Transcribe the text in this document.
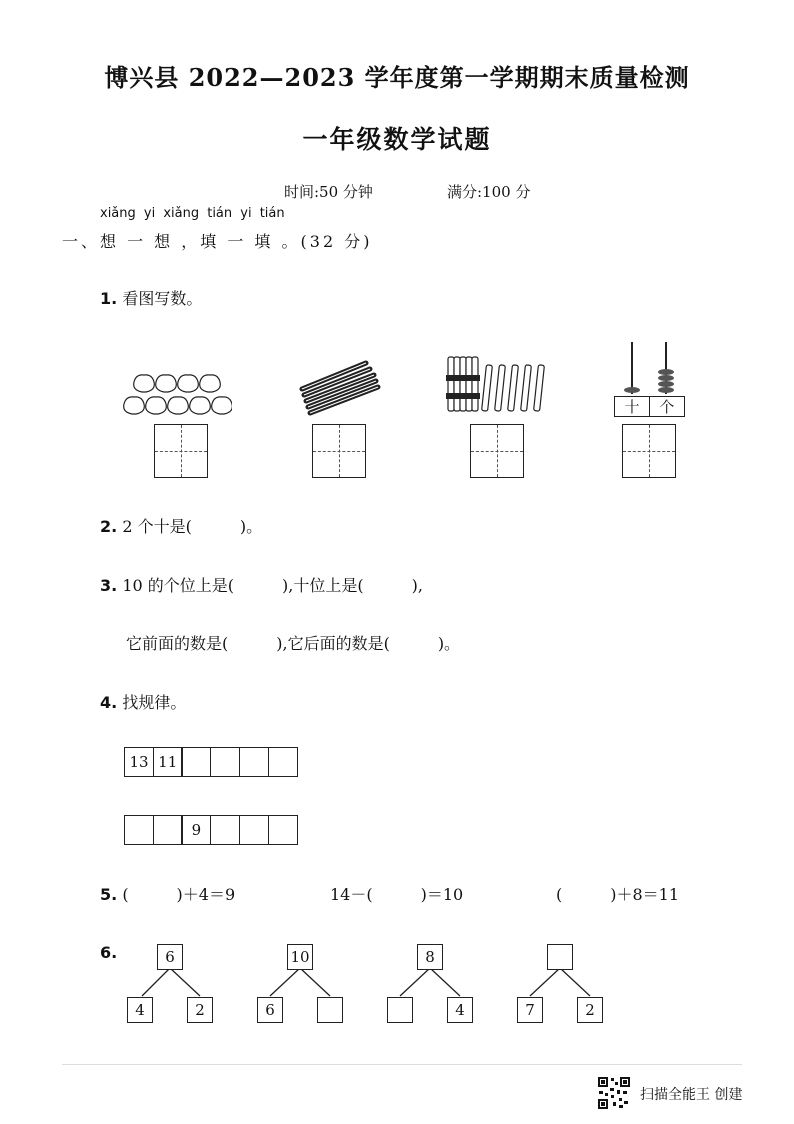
博兴县 2022—2023 学年度第一学期期末质量检测
一年级数学试题
时间:50 分钟	满分:100 分
xiǎng yi xiǎng tián yi tián
一、想 一 想 ，填 一 填 。(32 分)
1. 看图写数。
十	个
2. 2 个十是(　　　)。
3. 10 的个位上是(　　　),十位上是(　　　),
它前面的数是(　　　),它后面的数是(　　　)。
4. 找规律。
13 11
9
5. (　　　)＋4＝9	14－(　　　)＝10	(　　　)＋8＝11
6.	6
4	2
10
6
8
4	7	2
扫描全能王 创建
